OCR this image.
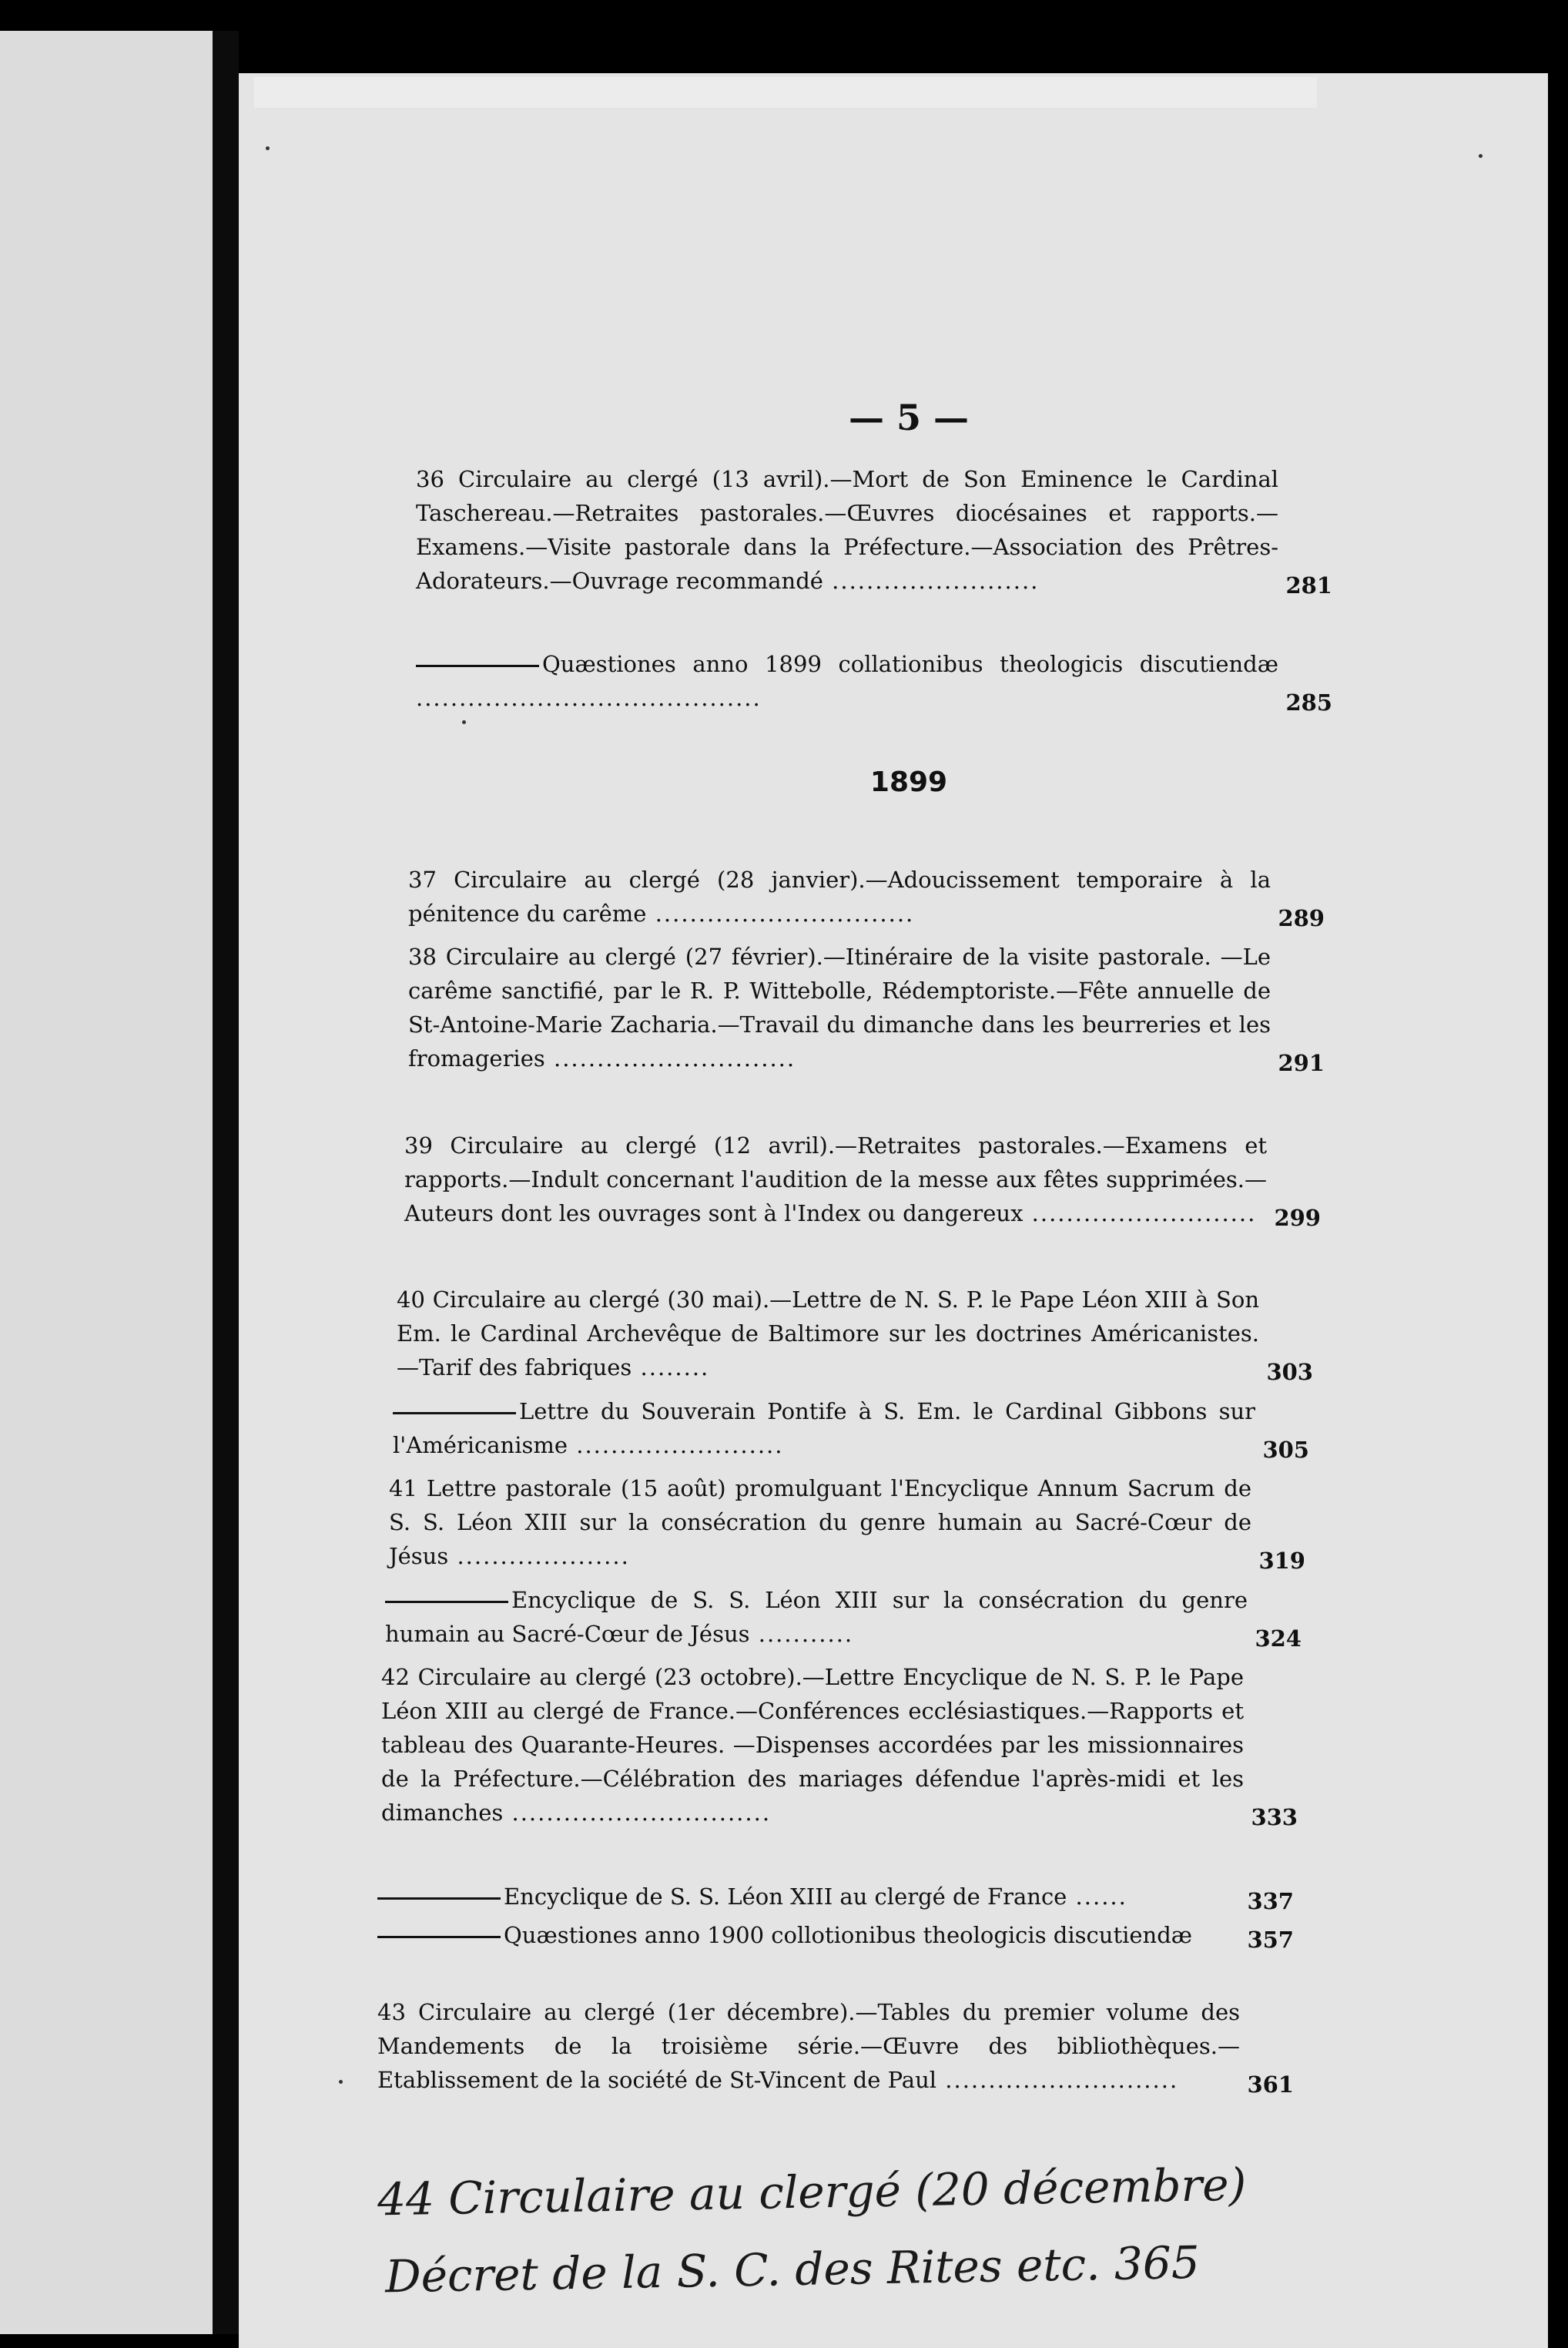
— 5 —
36 Circulaire au clergé (13 avril).—Mort de Son Eminence le Cardinal Taschereau.—Retraites pastorales.—Œuvres diocésaines et rapports.—Examens.—Visite pastorale dans la Préfecture.—Association des Prêtres-Adorateurs.—Ouvrage recommandé ........................	281
Quæstiones anno 1899 collationibus theologicis discutiendæ ........................................	285
1899
37 Circulaire au clergé (28 janvier).—Adoucissement temporaire à la pénitence du carême ..............................	289
38 Circulaire au clergé (27 février).—Itinéraire de la visite pastorale. —Le carême sanctifié, par le R. P. Wittebolle, Rédemptoriste.—Fête annuelle de St-Antoine-Marie Zacharia.—Travail du dimanche dans les beurreries et les fromageries ............................	291
39 Circulaire au clergé (12 avril).—Retraites pastorales.—Examens et rapports.—Indult concernant l'audition de la messe aux fêtes supprimées.—Auteurs dont les ouvrages sont à l'Index ou dangereux .......................... 299
40 Circulaire au clergé (30 mai).—Lettre de N. S. P. le Pape Léon XIII à Son Em. le Cardinal Archevêque de Baltimore sur les doctrines Américanistes. —Tarif des fabriques ........	303
Lettre du Souverain Pontife à S. Em. le Cardinal Gibbons sur l'Américanisme ........................	305
41 Lettre pastorale (15 août) promulguant l'Encyclique Annum Sacrum de S. S. Léon XIII sur la consécration du genre humain au Sacré-Cœur de Jésus ....................	319
Encyclique de S. S. Léon XIII sur la consécration du genre humain au Sacré-Cœur de Jésus ...........	324
42 Circulaire au clergé (23 octobre).—Lettre Encyclique de N. S. P. le Pape Léon XIII au clergé de France.—Conférences ecclésiastiques.—Rapports et tableau des Quarante-Heures. —Dispenses accordées par les missionnaires de la Préfecture.—Célébration des mariages défendue l'après-midi et les dimanches ..............................	333
Encyclique de S. S. Léon XIII au clergé de France ......	337
Quæstiones anno 1900 collotionibus theologicis discutiendæ	357
43 Circulaire au clergé (1er décembre).—Tables du premier volume des Mandements de la troisième série.—Œuvre des bibliothèques.—Etablissement de la société de St-Vincent de Paul ...........................	361
44 Circulaire au clergé (20 décembre)
Décret de la S. C. des Rites etc. 365
